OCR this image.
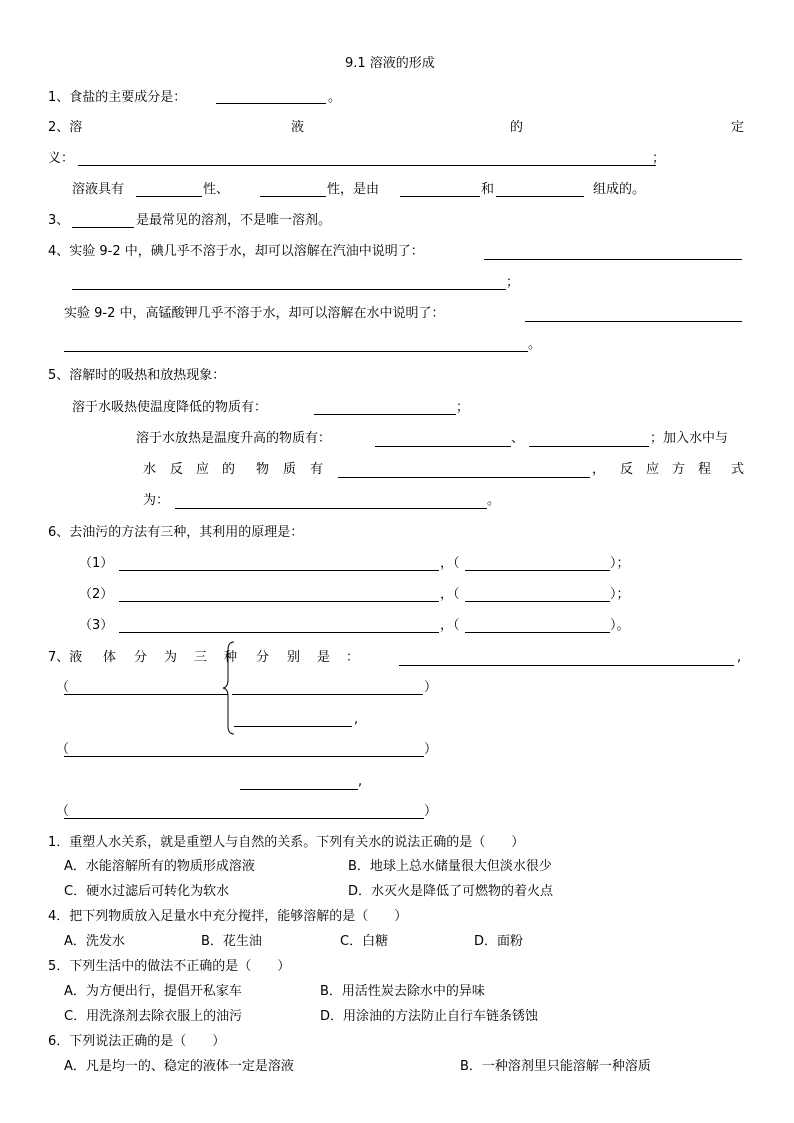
9.1 溶液的形成
1、食盐的主要成分是：	。
2、溶	液	的	定
义：	；
溶液具有	性、	性，是由	和	组成的。
3、	是最常见的溶剂，不是唯一溶剂。
4、实验 9-2 中，碘几乎不溶于水，却可以溶解在汽油中说明了：
；
实验 9-2 中，高锰酸钾几乎不溶于水，却可以溶解在水中说明了：
。
5、溶解时的吸热和放热现象：
溶于水吸热使温度降低的物质有：	；
溶于水放热是温度升高的物质有：	、	；加入水中与
水 反 应 的 物 质 有	， 反 应 方 程 式
为：	。
6、去油污的方法有三种，其利用的原理是：
（1）	，（	）；
（2）	，（	）；
（3）	，（	）。
7、液 体 分 为 三 种 分 别 是 ：	,
（	）
,
（	）
,
（	）
1．重塑人水关系，就是重塑人与自然的关系。下列有关水的说法正确的是（　　）
A．水能溶解所有的物质形成溶液	B．地球上总水储量很大但淡水很少
C．硬水过滤后可转化为软水	D．水灭火是降低了可燃物的着火点
4．把下列物质放入足量水中充分搅拌，能够溶解的是（　　）
A．洗发水	B．花生油	C．白糖	D．面粉
5．下列生活中的做法不正确的是（　　）
A．为方便出行，提倡开私家车	B．用活性炭去除水中的异味
C．用洗涤剂去除衣服上的油污	D．用涂油的方法防止自行车链条锈蚀
6．下列说法正确的是（　　）
A．凡是均一的、稳定的液体一定是溶液	B．一种溶剂里只能溶解一种溶质
